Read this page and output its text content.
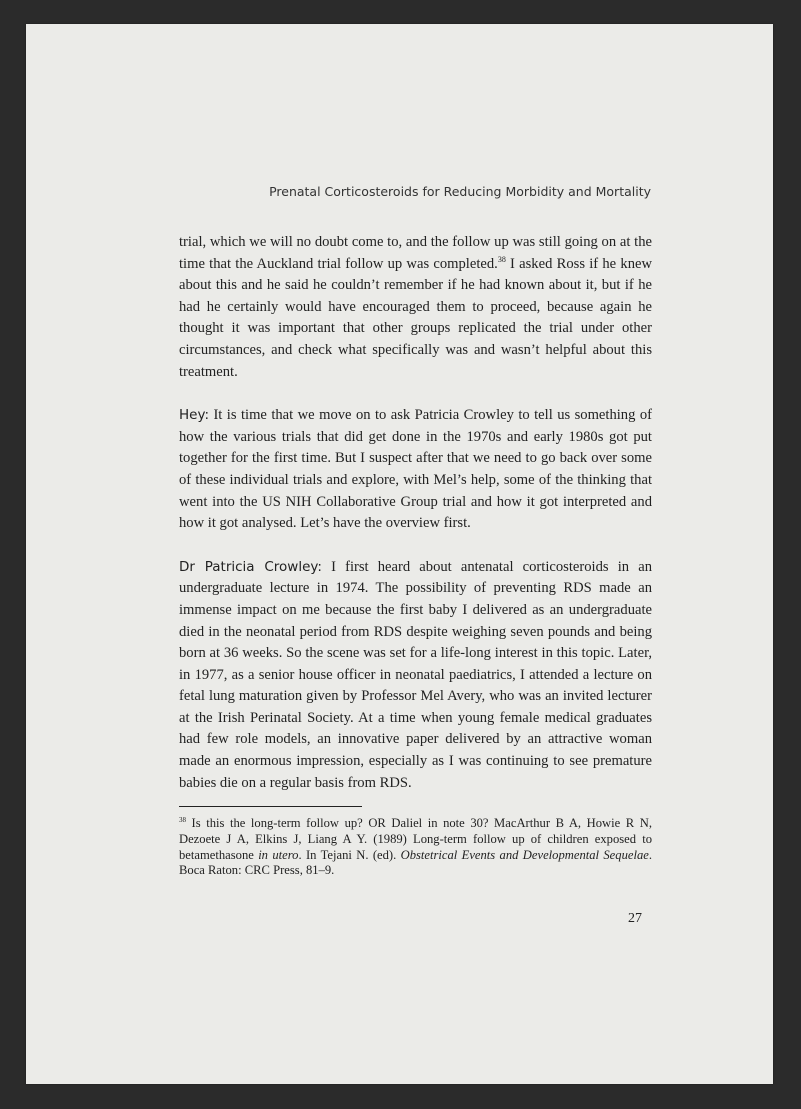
Prenatal Corticosteroids for Reducing Morbidity and Mortality

trial, which we will no doubt come to, and the follow up was still going on at the time that the Auckland trial follow up was completed.$^{38}$ I asked Ross if he knew about this and he said he couldn’t remember if he had known about it, but if he had he certainly would have encouraged them to proceed, because again he thought it was important that other groups replicated the trial under other circumstances, and check what specifically was and wasn’t helpful about this treatment.

Hey: It is time that we move on to ask Patricia Crowley to tell us something of how the various trials that did get done in the 1970s and early 1980s got put together for the first time. But I suspect after that we need to go back over some of these individual trials and explore, with Mel’s help, some of the thinking that went into the US NIH Collaborative Group trial and how it got interpreted and how it got analysed. Let’s have the overview first.

Dr Patricia Crowley: I first heard about antenatal corticosteroids in an undergraduate lecture in 1974. The possibility of preventing RDS made an immense impact on me because the first baby I delivered as an undergraduate died in the neonatal period from RDS despite weighing seven pounds and being born at 36 weeks. So the scene was set for a life-long interest in this topic. Later, in 1977, as a senior house officer in neonatal paediatrics, I attended a lecture on fetal lung maturation given by Professor Mel Avery, who was an invited lecturer at the Irish Perinatal Society. At a time when young female medical graduates had few role models, an innovative paper delivered by an attractive woman made an enormous impression, especially as I was continuing to see premature babies die on a regular basis from RDS.

$^{38}$ Is this the long-term follow up? OR Daliel in note 30? MacArthur B A, Howie R N, Dezoete J A, Elkins J, Liang A Y. (1989) Long-term follow up of children exposed to betamethasone in utero. In Tejani N. (ed). Obstetrical Events and Developmental Sequelae. Boca Raton: CRC Press, 81–9.
27
